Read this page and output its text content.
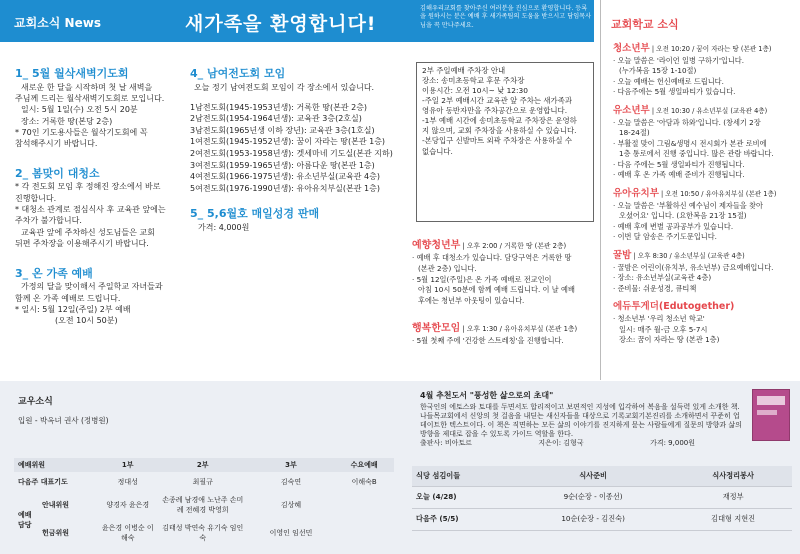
교회소식 News	새가족을 환영합니다!
김해우리교회를 찾아주신 여러분을 진심으로 환영합니다. 등록을 원하시는 분은 예배 후 새가족팀의 도움을 받으시고 담임목사님을 꼭 만나주세요.
1_ 5월 월삭새벽기도회

새로운 한 달을 시작하며 첫 날 새벽을

주님께 드리는 월삭새벽기도회로 모입니다.

일시: 5월 1일(수) 오전 5시 20분

장소: 거록한 땅(본당 2층)

* 70인 기도용사들은 월삭기도회에 꼭

참석해주시기 바랍니다.

2_ 봄맞이 대청소

* 각 전도회 모임 후 정해진 장소에서 바로

진행합니다.

* 대청소 관계로 점심식사 후 교육관 앞에는

주차가 불가합니다.

교육관 앞에 주차하신 성도님들은 교회

뒤편 주차장을 이용해주시기 바랍니다.

3_ 온 가족 예배

가정의 달을 맞이해서 주일학교 자녀들과

함께 온 가족 예배로 드립니다.

* 일시: 5월 12일(주일) 2부 예배

(오전 10시 50분)

4_ 남여전도회 모임

오늘 정기 남여전도회 모임이 각 장소에서 있습니다.

1남전도회(1945-1953년생): 거록한 땅(본관 2층)

2남전도회(1954-1964년생): 교육관 3층(2호실)

3남전도회(1965년생 이하 장년): 교육관 3층(1호실)

1여전도회(1945-1952년생): 꿈이 자라는 땅(본관 1층)

2여전도회(1953-1958년생): 겟세마네 기도실(본관 지하)

3여전도회(1959-1965년생): 아름다운 땅(본관 1층)

4여전도회(1966-1975년생): 유소년부실(교육관 4층)

5여전도회(1976-1990년생): 유아유치부실(본관 1층)

5_ 5,6월호 매일성경 판매

가격: 4,000원

2부 주일예배 주차장 안내

장소: 송미초등학교 후문 주차장

이용시간: 오전 10시~ 낮 12:30

-주일 2부 예배시간 교육관 앞 주차는 새가족과

영유아 동반자만을 주차공간으로 운영합니다.

-1부 예배 시간에 송미초등학교 주차장은 운영하

지 않으며, 교회 주차장을 사용하실 수 있습니다.

-본당입구 신발마트 외곽 주차장은 사용하실 수

없습니다.

예향청년부 | 오후 2:00 / 거록한 땅 (본관 2층)

· 예배 후 대청소가 있습니다. 담당구역은 거록한 땅

(본관 2층) 입니다.

· 5월 12일(주일)은 온 가족 예배로 전교인이

아침 10시 50분에 함께 예배 드립니다. 이 날 예배

후에는 청년부 아웃팅이 있습니다.

행복한모임 | 오후 1:30 / 유아유치부실 (본관 1층)

· 5월 첫째 주에 '건강한 스트레칭'을 진행합니다.

교회학교 소식

청소년부 | 오전 10:20 / 꿈이 자라는 땅 (본관 1층)

· 오늘 말씀은 '라이언 일병 구하기'입니다.

(누가복음 15장 1-10절)

· 오늘 예배는 헌신예배로 드립니다.

· 다음주에는 5월 생일파티가 있습니다.

유소년부 | 오전 10:30 / 유소년부실 (교육관 4층)

· 오늘 말씀은 '아담과 하와'입니다. (창세기 2장

18-24절)

· 부활절 맞이 그림&생명시 전시회가 본관 로비에

1층 통로에서 진행 중입니다. 많은 관람 바랍니다.

· 다음 주에는 5월 생일파티가 진행됩니다.

· 예배 후 온 가족 예배 준비가 진행됩니다.

유아유치부 | 오전 10:50 / 유아유치부실 (본관 1층)

· 오늘 말씀은 '부활하신 예수님이 제자들을 찾아

오셨어요' 입니다. (요한복음 21장 15절)

· 예배 후에 변별 공과공부가 있습니다.

· 이번 달 암송은 주기도문입니다.

꿀밤 | 오후 8:30 / 유소년부실 (교육관 4층)

· 꿀밤은 어린이(유치부, 유소년부) 금요예배입니다.

· 장소: 유소년부실(교육관 4층)

· 준비물: 쉬운성경, 큐티책

에듀투게더(Edutogether)

· 청소년부 '우리 청소년 학교'

일시: 매주 월-금 오후 5-7시

장소: 꿈이 자라는 땅 (본관 1층)

교우소식
입원 - 박옥녀 권사 (정병원)

4월 추천도서 "풍성한 삶으로의 초대"

한국인의 에토스와 토대를 두면서도 합리적이고 보편적인 지성에 입각하여 복음을 설득력 있게 소개한 책. 나들목교회에서 신앙의 첫 걸음을 내딛는 새신자들을 대상으로 기록교회기본진리를 소개하면서 꾸준히 업데이트한 텍스트이다. 이 책은 직면하는 모든 삶의 이야기를 진지하게 묻는 사람들에게 질문의 방향과 삶의 방향을 제대로 잡을 수 있도록 가이드 역할을 한다.

출판사: 비아토르	지은이: 김형국	가격: 9,000원

예배위원		1부	2부	3부	수요예배
다음주 대표기도		정대성	최필규	김숙연	이해숙B
예배 담당	안내위원	양경자 윤은경	손종례 남경애 노난주 손미례 전혜경 박영희	김상혜	
	헌금위원	윤은경 이병순 이해숙	김태성 박연숙 유기숙 임인숙	이영인 임선민	
식당 섬김이들	식사준비	식사정리봉사
오늘 (4/28)	9순(순장 - 이종선)	재정부
다음주 (5/5)	10순(순장 - 김진숙)	김대형 지현진
